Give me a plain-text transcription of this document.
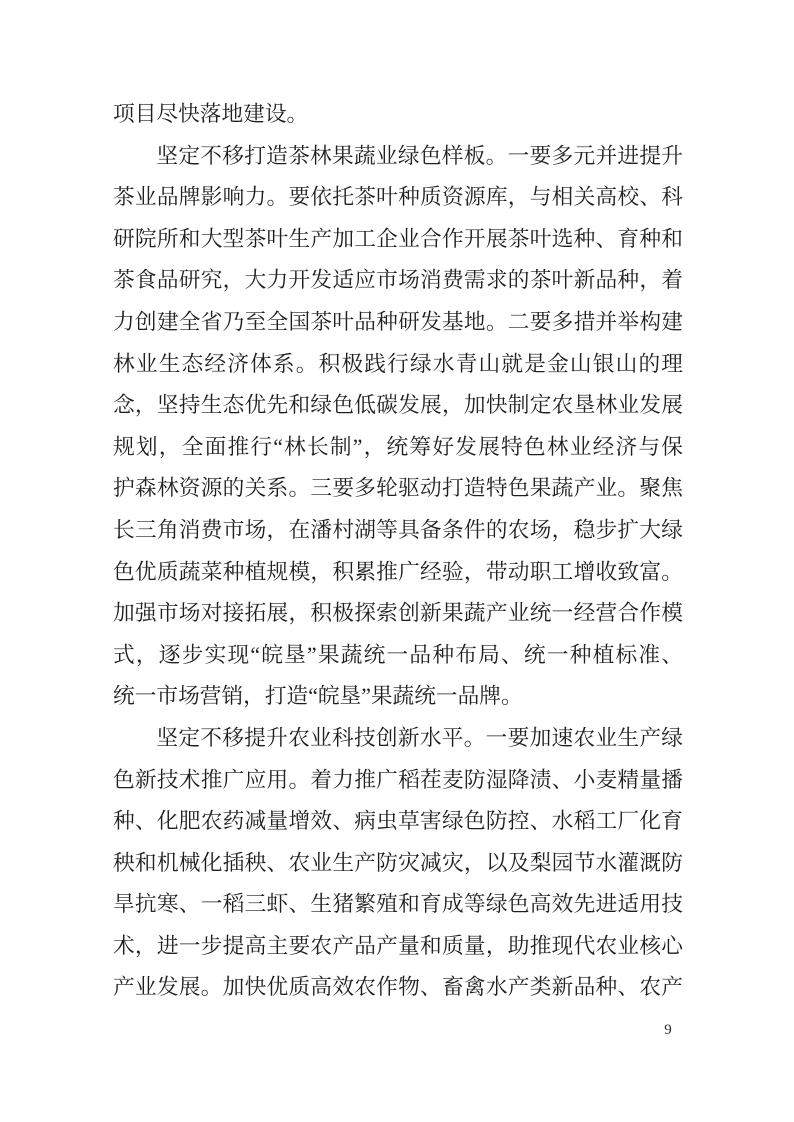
项目尽快落地建设。
坚定不移打造茶林果蔬业绿色样板。一要多元并进提升
茶业品牌影响力。要依托茶叶种质资源库，与相关高校、科
研院所和大型茶叶生产加工企业合作开展茶叶选种、育种和
茶食品研究，大力开发适应市场消费需求的茶叶新品种，着
力创建全省乃至全国茶叶品种研发基地。二要多措并举构建
林业生态经济体系。积极践行绿水青山就是金山银山的理
念，坚持生态优先和绿色低碳发展，加快制定农垦林业发展
规划，全面推行“林长制”，统筹好发展特色林业经济与保
护森林资源的关系。三要多轮驱动打造特色果蔬产业。聚焦
长三角消费市场，在潘村湖等具备条件的农场，稳步扩大绿
色优质蔬菜种植规模，积累推广经验，带动职工增收致富。
加强市场对接拓展，积极探索创新果蔬产业统一经营合作模
式，逐步实现“皖垦”果蔬统一品种布局、统一种植标准、
统一市场营销，打造“皖垦”果蔬统一品牌。
坚定不移提升农业科技创新水平。一要加速农业生产绿
色新技术推广应用。着力推广稻茬麦防湿降渍、小麦精量播
种、化肥农药减量增效、病虫草害绿色防控、水稻工厂化育
秧和机械化插秧、农业生产防灾减灾，以及梨园节水灌溉防
旱抗寒、一稻三虾、生猪繁殖和育成等绿色高效先进适用技
术，进一步提高主要农产品产量和质量，助推现代农业核心
产业发展。加快优质高效农作物、畜禽水产类新品种、农产
9
